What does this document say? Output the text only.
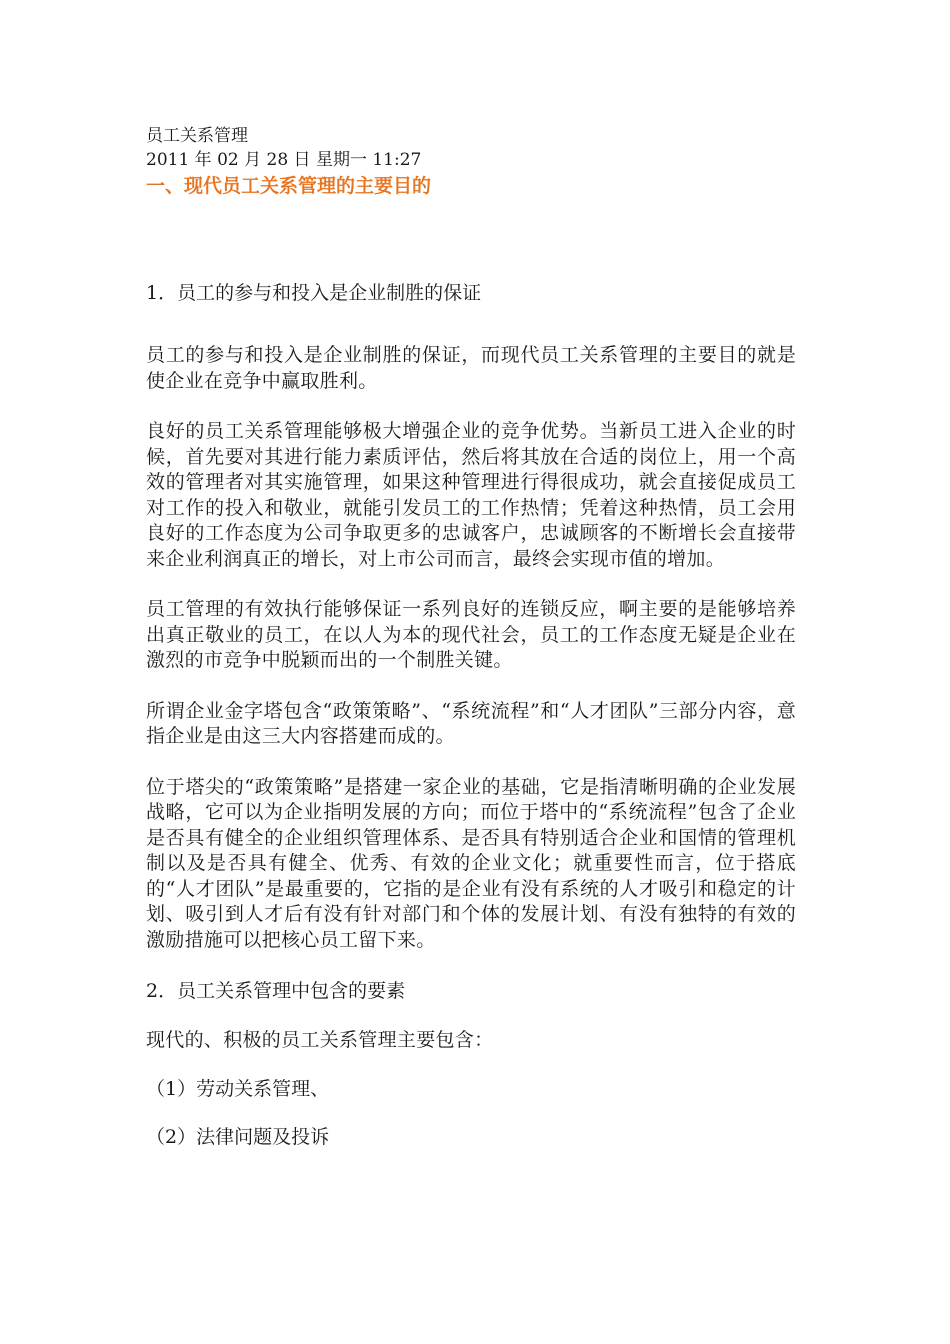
员工关系管理
2011 年 02 月 28 日 星期一 11:27
一、现代员工关系管理的主要目的
1．员工的参与和投入是企业制胜的保证
员工的参与和投入是企业制胜的保证，而现代员工关系管理的主要目的就是使企业在竞争中赢取胜利。
良好的员工关系管理能够极大增强企业的竞争优势。当新员工进入企业的时候，首先要对其进行能力素质评估，然后将其放在合适的岗位上，用一个高效的管理者对其实施管理，如果这种管理进行得很成功，就会直接促成员工对工作的投入和敬业，就能引发员工的工作热情；凭着这种热情，员工会用良好的工作态度为公司争取更多的忠诚客户，忠诚顾客的不断增长会直接带来企业利润真正的增长，对上市公司而言，最终会实现市值的增加。
员工管理的有效执行能够保证一系列良好的连锁反应，啊主要的是能够培养出真正敬业的员工，在以人为本的现代社会，员工的工作态度无疑是企业在激烈的市竞争中脱颖而出的一个制胜关键。
所谓企业金字塔包含“政策策略”、“系统流程”和“人才团队”三部分内容，意指企业是由这三大内容搭建而成的。
位于塔尖的“政策策略”是搭建一家企业的基础，它是指清晰明确的企业发展战略，它可以为企业指明发展的方向；而位于塔中的“系统流程”包含了企业是否具有健全的企业组织管理体系、是否具有特别适合企业和国情的管理机制以及是否具有健全、优秀、有效的企业文化；就重要性而言，位于搭底的“人才团队”是最重要的，它指的是企业有没有系统的人才吸引和稳定的计划、吸引到人才后有没有针对部门和个体的发展计划、有没有独特的有效的激励措施可以把核心员工留下来。
2．员工关系管理中包含的要素
现代的、积极的员工关系管理主要包含：
（1）劳动关系管理、
（2）法律问题及投诉
